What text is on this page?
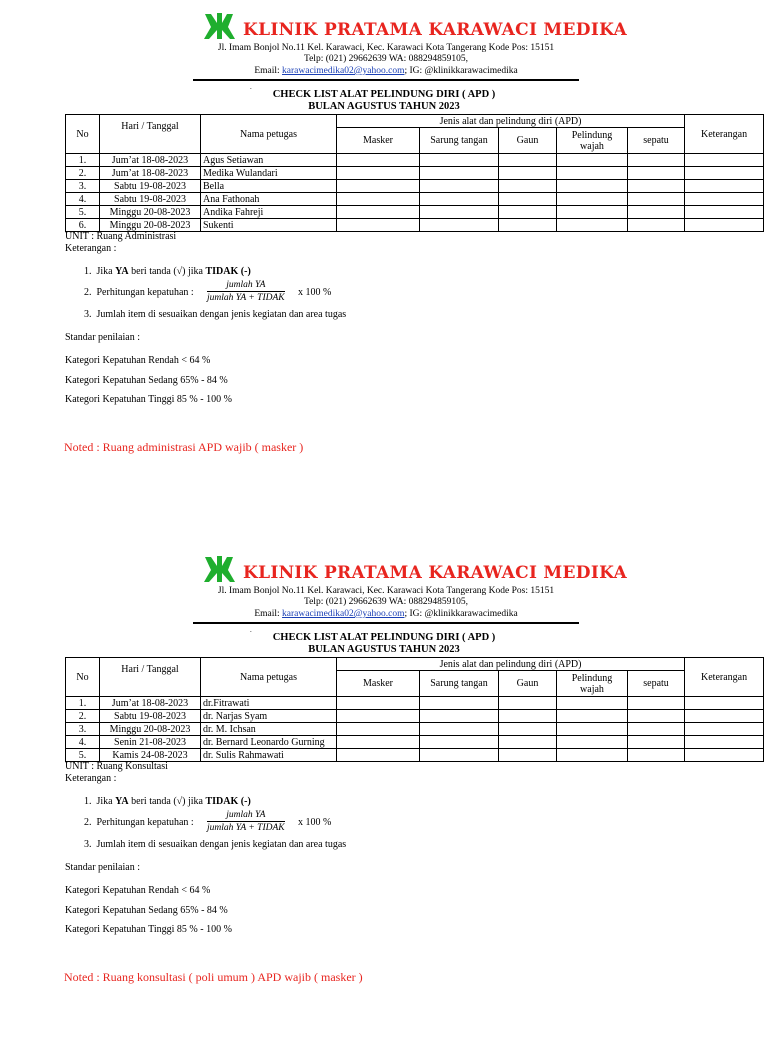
KLINIK PRATAMA KARAWACI MEDIKA
Jl. Imam Bonjol No.11 Kel. Karawaci, Kec. Karawaci Kota Tangerang Kode Pos: 15151
Telp: (021) 29662639 WA: 088294859105,
Email: karawacimedika02@yahoo.com; IG: @klinikkarawacimedika
.
CHECK LIST ALAT PELINDUNG DIRI ( APD )
BULAN AGUSTUS TAHUN 2023
No	Hari / Tanggal	Nama petugas	Jenis alat dan pelindung diri (APD)					Keterangan
			Masker	Sarung tangan	Gaun	Pelindung wajah	sepatu	
1.	Jum’at 18-08-2023	Agus Setiawan						
2.	Jum’at 18-08-2023	Medika Wulandari						
3.	Sabtu 19-08-2023	Bella						
4.	Sabtu 19-08-2023	Ana Fathonah						
5.	Minggu 20-08-2023	Andika Fahreji						
6.	Minggu 20-08-2023	Sukenti						
UNIT : Ruang Administrasi
Keterangan :
1. Jika YA beri tanda (√) jika TIDAK (-)
2. Perhitungan kepatuhan :
jumlah YA
jumlah YA + TIDAK x 100 %
3. Jumlah item di sesuaikan dengan jenis kegiatan dan area tugas
Standar penilaian :
Kategori Kepatuhan Rendah < 64 %
Kategori Kepatuhan Sedang 65% - 84 %
Kategori Kepatuhan Tinggi 85 % - 100 %
Noted : Ruang administrasi APD wajib ( masker )
KLINIK PRATAMA KARAWACI MEDIKA
Jl. Imam Bonjol No.11 Kel. Karawaci, Kec. Karawaci Kota Tangerang Kode Pos: 15151
Telp: (021) 29662639 WA: 088294859105,
Email: karawacimedika02@yahoo.com; IG: @klinikkarawacimedika
.
CHECK LIST ALAT PELINDUNG DIRI ( APD )
BULAN AGUSTUS TAHUN 2023
No	Hari / Tanggal	Nama petugas	Jenis alat dan pelindung diri (APD)					Keterangan
			Masker	Sarung tangan	Gaun	Pelindung wajah	sepatu	
1.	Jum’at 18-08-2023	dr.Fitrawati						
2.	Sabtu 19-08-2023	dr. Narjas Syam						
3.	Minggu 20-08-2023	dr. M. Ichsan						
4.	Senin 21-08-2023	dr. Bernard Leonardo Gurning						
5.	Kamis 24-08-2023	dr. Sulis Rahmawati						
UNIT : Ruang Konsultasi
Keterangan :
1. Jika YA beri tanda (√) jika TIDAK (-)
2. Perhitungan kepatuhan :
jumlah YA
jumlah YA + TIDAK x 100 %
3. Jumlah item di sesuaikan dengan jenis kegiatan dan area tugas
Standar penilaian :
Kategori Kepatuhan Rendah < 64 %
Kategori Kepatuhan Sedang 65% - 84 %
Kategori Kepatuhan Tinggi 85 % - 100 %
Noted : Ruang konsultasi ( poli umum ) APD wajib ( masker )
